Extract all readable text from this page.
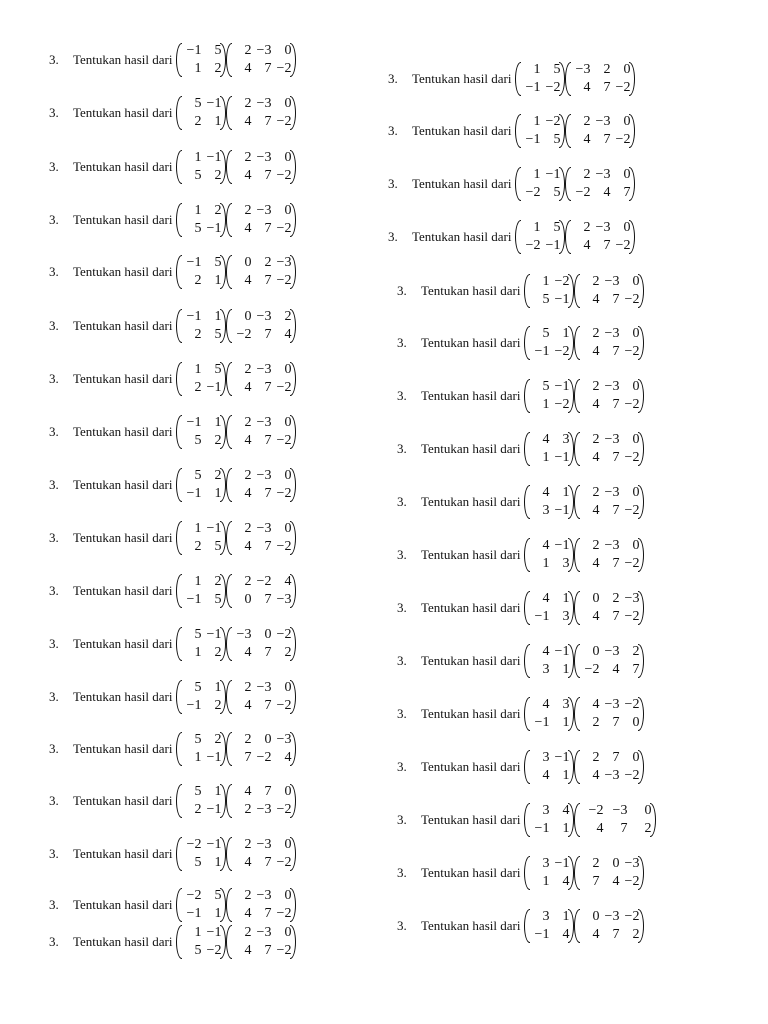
3.	Tentukan hasil dari
−1 5
1 2
2 −3 0
4 7 −2
3.	Tentukan hasil dari
5 −1
2 1
2 −3 0
4 7 −2
3.	Tentukan hasil dari
1 −1
5 2
2 −3 0
4 7 −2
3.	Tentukan hasil dari
1 2
5 −1
2 −3 0
4 7 −2
3.	Tentukan hasil dari
−1 5
2 1
0 2 −3
4 7 −2
3.	Tentukan hasil dari
−1 1
2 5
0 −3 2
−2 7 4
3.	Tentukan hasil dari
1 5
2 −1
2 −3 0
4 7 −2
3.	Tentukan hasil dari
−1 1
5 2
2 −3 0
4 7 −2
3.	Tentukan hasil dari
5 2
−1 1
2 −3 0
4 7 −2
3.	Tentukan hasil dari
1 −1
2 5
2 −3 0
4 7 −2
3.	Tentukan hasil dari
1 2
−1 5
2 −2 4
0 7 −3
3.	Tentukan hasil dari
5 −1
1 2
−3 0 −2
4 7 2
3.	Tentukan hasil dari
5 1
−1 2
2 −3 0
4 7 −2
3.	Tentukan hasil dari
5 2
1 −1
2 0 −3
7 −2 4
3.	Tentukan hasil dari
5 1
2 −1
4 7 0
2 −3 −2
3.	Tentukan hasil dari
−2 −1
5 1
2 −3 0
4 7 −2
3.	Tentukan hasil dari
−2 5
−1 1
2 −3 0
4 7 −2
3.	Tentukan hasil dari
1 −1
5 −2
2 −3 0
4 7 −2
3.	Tentukan hasil dari
1 5
−1 −2
−3 2 0
4 7 −2
3.	Tentukan hasil dari
1 −2
−1 5
2 −3 0
4 7 −2
3.	Tentukan hasil dari
1 −1
−2 5
2 −3 0
−2 4 7
3.	Tentukan hasil dari
1 5
−2 −1
2 −3 0
4 7 −2
3.	Tentukan hasil dari
1 −2
5 −1
2 −3 0
4 7 −2
3.	Tentukan hasil dari
5 1
−1 −2
2 −3 0
4 7 −2
3.	Tentukan hasil dari
5 −1
1 −2
2 −3 0
4 7 −2
3.	Tentukan hasil dari
4 3
1 −1
2 −3 0
4 7 −2
3.	Tentukan hasil dari
4 1
3 −1
2 −3 0
4 7 −2
3.	Tentukan hasil dari
4 −1
1 3
2 −3 0
4 7 −2
3.	Tentukan hasil dari
4 1
−1 3
0 2 −3
4 7 −2
3.	Tentukan hasil dari
4 −1
3 1
0 −3 2
−2 4 7
3.	Tentukan hasil dari
4 3
−1 1
4 −3 −2
2 7 0
3.	Tentukan hasil dari
3 −1
4 1
2 7 0
4 −3 −2
3.	Tentukan hasil dari
3 4
−1 1
−2 −3	0
4	7	2
3.	Tentukan hasil dari
3 −1
1 4
2 0 −3
7 4 −2
3.	Tentukan hasil dari
3 1
−1 4
0 −3 −2
4 7 2
